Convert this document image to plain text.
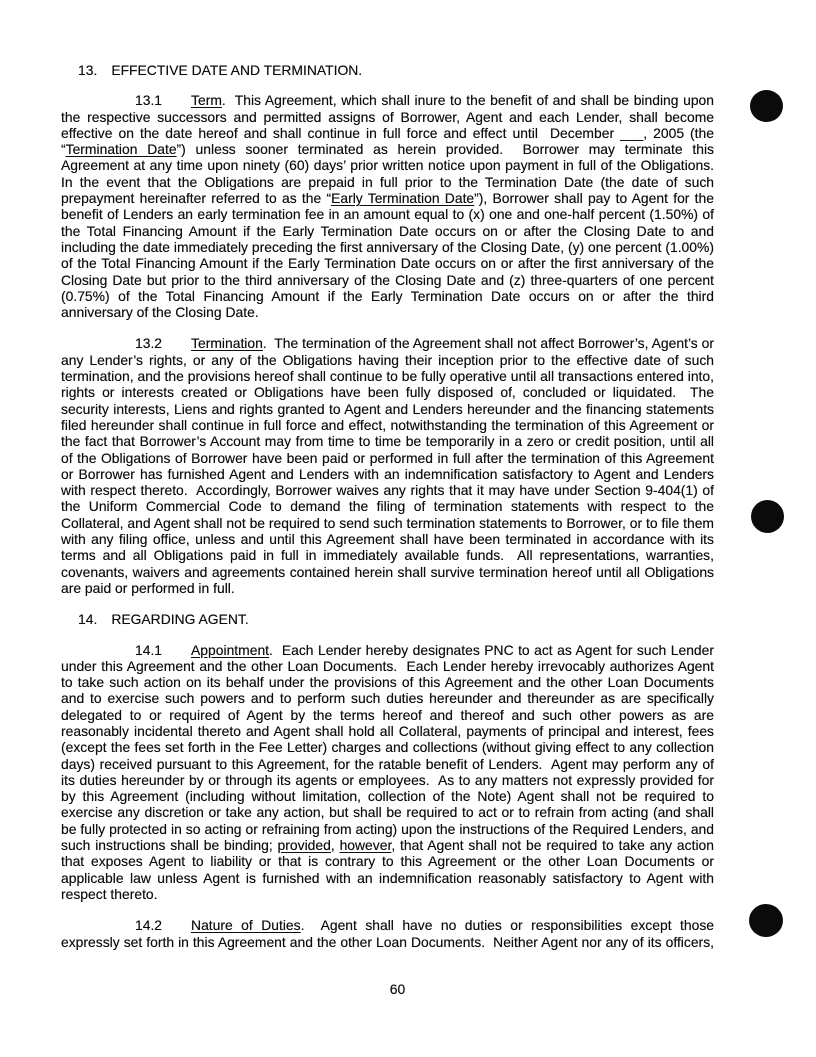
13. EFFECTIVE DATE AND TERMINATION.

13.1 Term.  This Agreement, which shall inure to the benefit of and shall be binding upon the respective successors and permitted assigns of Borrower, Agent and each Lender, shall become effective on the date hereof and shall continue in full force and effect until  December ___, 2005 (the “Termination Date”) unless sooner terminated as herein provided.  Borrower may terminate this Agreement at any time upon ninety (60) days’ prior written notice upon payment in full of the Obligations.  In the event that the Obligations are prepaid in full prior to the Termination Date (the date of such prepayment hereinafter referred to as the “Early Termination Date”), Borrower shall pay to Agent for the benefit of Lenders an early termination fee in an amount equal to (x) one and one-half percent (1.50%) of the Total Financing Amount if the Early Termination Date occurs on or after the Closing Date to and including the date immediately preceding the first anniversary of the Closing Date, (y) one percent (1.00%) of the Total Financing Amount if the Early Termination Date occurs on or after the first anniversary of the Closing Date but prior to the third anniversary of the Closing Date and (z) three-quarters of one percent (0.75%) of the Total Financing Amount if the Early Termination Date occurs on or after the third anniversary of the Closing Date.

13.2 Termination.  The termination of the Agreement shall not affect Borrower’s, Agent’s or any Lender’s rights, or any of the Obligations having their inception prior to the effective date of such termination, and the provisions hereof shall continue to be fully operative until all transactions entered into, rights or interests created or Obligations have been fully disposed of, concluded or liquidated.  The security interests, Liens and rights granted to Agent and Lenders hereunder and the financing statements filed hereunder shall continue in full force and effect, notwithstanding the termination of this Agreement or the fact that Borrower’s Account may from time to time be temporarily in a zero or credit position, until all of the Obligations of Borrower have been paid or performed in full after the termination of this Agreement or Borrower has furnished Agent and Lenders with an indemnification satisfactory to Agent and Lenders with respect thereto.  Accordingly, Borrower waives any rights that it may have under Section 9-404(1) of the Uniform Commercial Code to demand the filing of termination statements with respect to the Collateral, and Agent shall not be required to send such termination statements to Borrower, or to file them with any filing office, unless and until this Agreement shall have been terminated in accordance with its terms and all Obligations paid in full in immediately available funds.  All representations, warranties, covenants, waivers and agreements contained herein shall survive termination hereof until all Obligations are paid or performed in full.

14. REGARDING AGENT.

14.1 Appointment.  Each Lender hereby designates PNC to act as Agent for such Lender under this Agreement and the other Loan Documents.  Each Lender hereby irrevocably authorizes Agent to take such action on its behalf under the provisions of this Agreement and the other Loan Documents and to exercise such powers and to perform such duties hereunder and thereunder as are specifically delegated to or required of Agent by the terms hereof and thereof and such other powers as are reasonably incidental thereto and Agent shall hold all Collateral, payments of principal and interest, fees (except the fees set forth in the Fee Letter) charges and collections (without giving effect to any collection days) received pursuant to this Agreement, for the ratable benefit of Lenders.  Agent may perform any of its duties hereunder by or through its agents or employees.  As to any matters not expressly provided for by this Agreement (including without limitation, collection of the Note) Agent shall not be required to exercise any discretion or take any action, but shall be required to act or to refrain from acting (and shall be fully protected in so acting or refraining from acting) upon the instructions of the Required Lenders, and such instructions shall be binding; provided, however, that Agent shall not be required to take any action that exposes Agent to liability or that is contrary to this Agreement or the other Loan Documents or applicable law unless Agent is furnished with an indemnification reasonably satisfactory to Agent with respect thereto.

14.2 Nature of Duties.  Agent shall have no duties or responsibilities except those expressly set forth in this Agreement and the other Loan Documents.  Neither Agent nor any of its officers,

60
